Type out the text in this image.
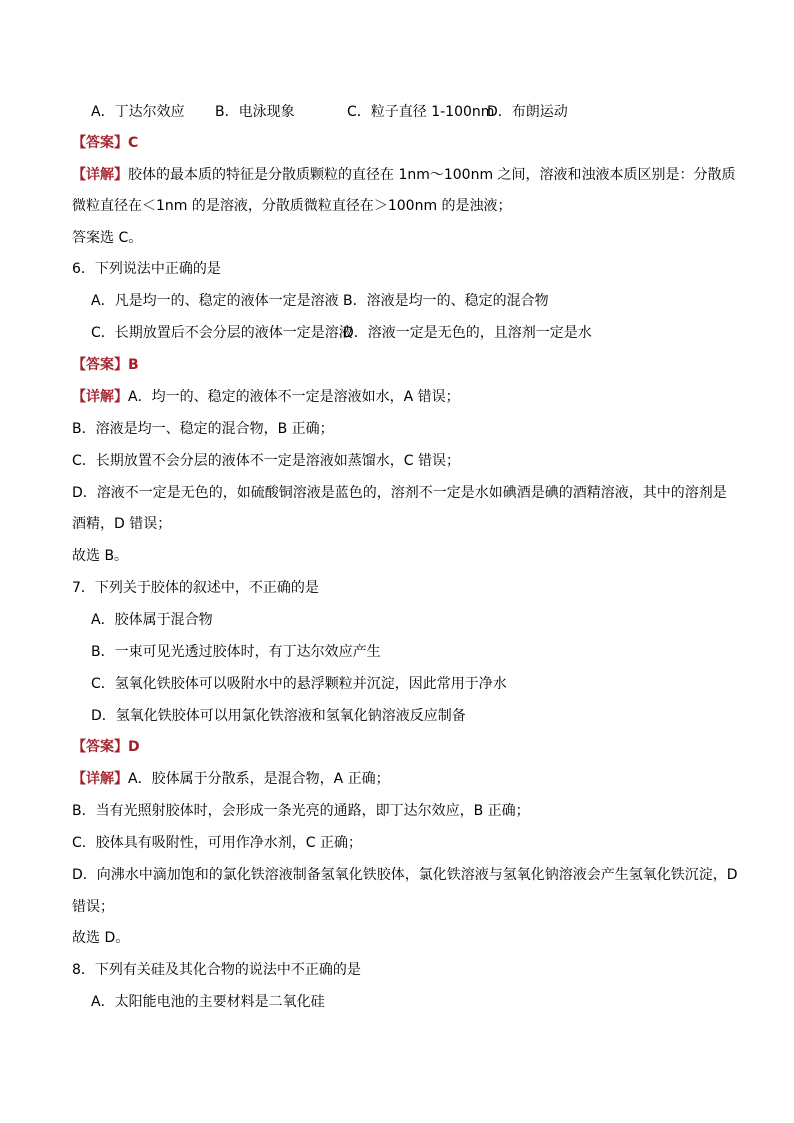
A．丁达尔效应 B．电泳现象	C．粒子直径 1-100nmD．布朗运动
【答案】C
【详解】胶体的最本质的特征是分散质颗粒的直径在 1nm～100nm 之间，溶液和浊液本质区别是：分散质
微粒直径在＜1nm 的是溶液，分散质微粒直径在＞100nm 的是浊液；
答案选 C。
6．下列说法中正确的是
A．凡是均一的、稳定的液体一定是溶液 B．溶液是均一的、稳定的混合物
C．长期放置后不会分层的液体一定是溶液D．溶液一定是无色的，且溶剂一定是水
【答案】B
【详解】A．均一的、稳定的液体不一定是溶液如水，A 错误；
B．溶液是均一、稳定的混合物，B 正确；
C．长期放置不会分层的液体不一定是溶液如蒸馏水，C 错误；
D．溶液不一定是无色的，如硫酸铜溶液是蓝色的，溶剂不一定是水如碘酒是碘的酒精溶液，其中的溶剂是
酒精，D 错误；
故选 B。
7．下列关于胶体的叙述中，不正确的是
A．胶体属于混合物
B．一束可见光透过胶体时，有丁达尔效应产生
C．氢氧化铁胶体可以吸附水中的悬浮颗粒并沉淀，因此常用于净水
D．氢氧化铁胶体可以用氯化铁溶液和氢氧化钠溶液反应制备
【答案】D
【详解】A．胶体属于分散系，是混合物，A 正确；
B．当有光照射胶体时，会形成一条光亮的通路，即丁达尔效应，B 正确；
C．胶体具有吸附性，可用作净水剂，C 正确；
D．向沸水中滴加饱和的氯化铁溶液制备氢氧化铁胶体，氯化铁溶液与氢氧化钠溶液会产生氢氧化铁沉淀，D
错误；
故选 D。
8．下列有关硅及其化合物的说法中不正确的是
A．太阳能电池的主要材料是二氧化硅
